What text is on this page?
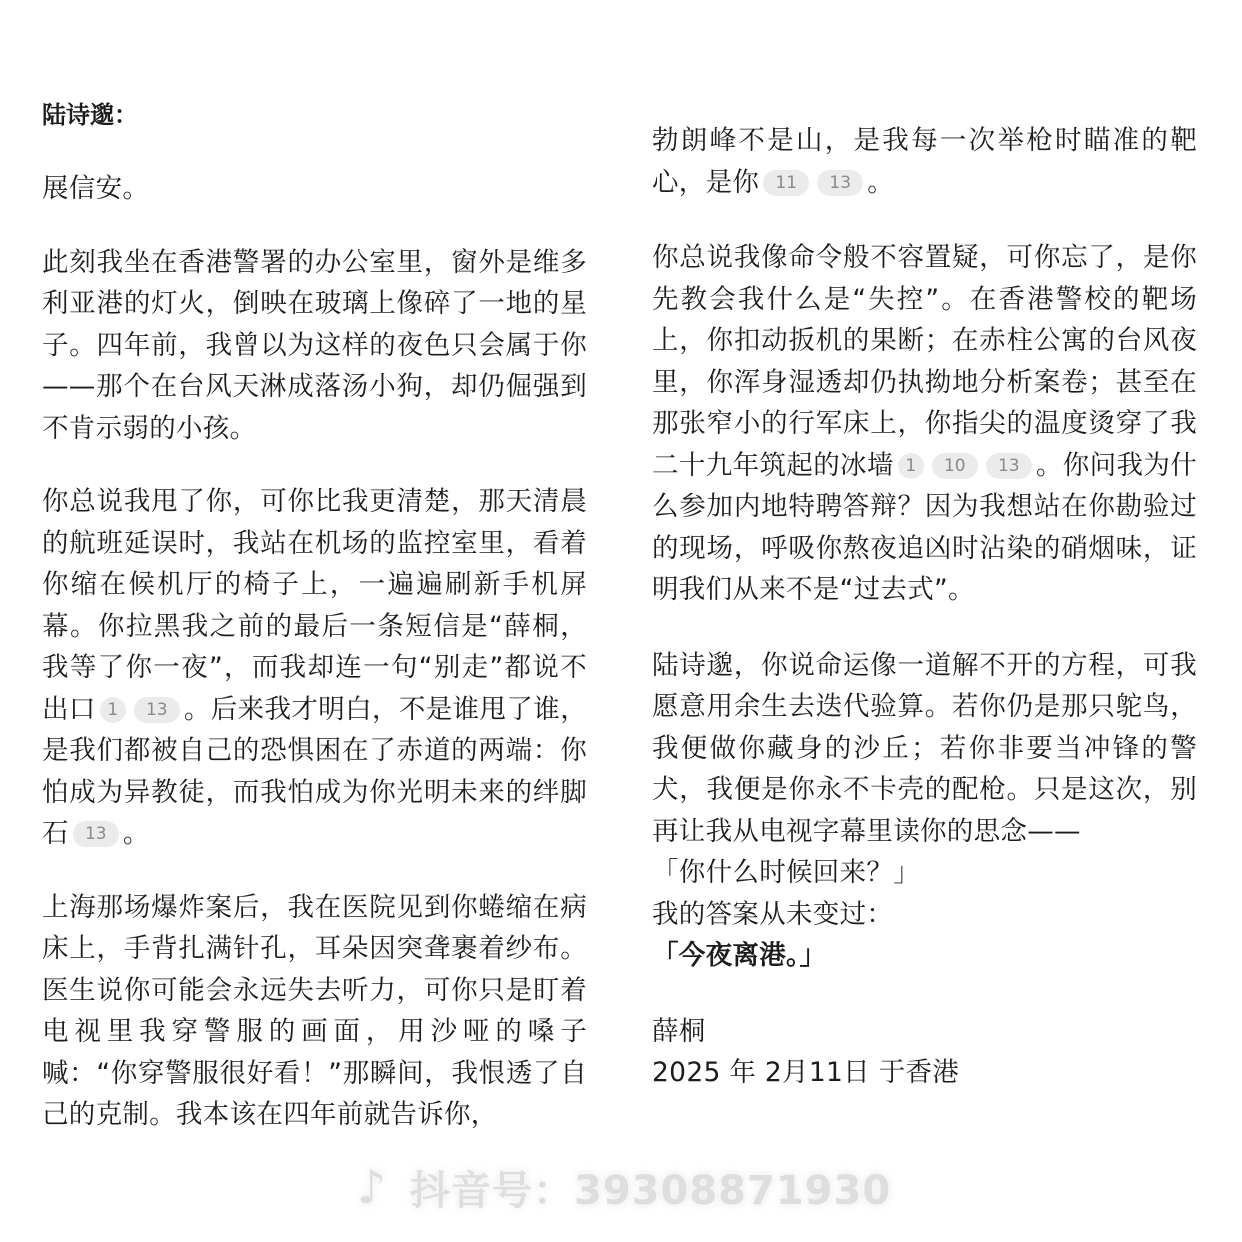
陆诗邈：

展信安。

此刻我坐在香港警署的办公室里，窗外是维多利亚港的灯火，倒映在玻璃上像碎了一地的星子。四年前，我曾以为这样的夜色只会属于你——那个在台风天淋成落汤小狗，却仍倔强到不肯示弱的小孩。

你总说我甩了你，可你比我更清楚，那天清晨的航班延误时，我站在机场的监控室里，看着你缩在候机厅的椅子上，一遍遍刷新手机屏幕。你拉黑我之前的最后一条短信是“薛桐，我等了你一夜”，而我却连一句“别走”都说不出口 1 13 。后来我才明白，不是谁甩了谁，是我们都被自己的恐惧困在了赤道的两端：你怕成为异教徒，而我怕成为你光明未来的绊脚石 13 。

上海那场爆炸案后，我在医院见到你蜷缩在病床上，手背扎满针孔，耳朵因突聋裹着纱布。医生说你可能会永远失去听力，可你只是盯着电视里我穿警服的画面，用沙哑的嗓子喊：“你穿警服很好看！”那瞬间，我恨透了自己的克制。我本该在四年前就告诉你，

勃朗峰不是山，是我每一次举枪时瞄准的靶心，是你 11 13 。

你总说我像命令般不容置疑，可你忘了，是你先教会我什么是“失控”。在香港警校的靶场上，你扣动扳机的果断；在赤柱公寓的台风夜里，你浑身湿透却仍执拗地分析案卷；甚至在那张窄小的行军床上，你指尖的温度烫穿了我二十九年筑起的冰墙 1 10 13 。你问我为什么参加内地特聘答辩？因为我想站在你勘验过的现场，呼吸你熬夜追凶时沾染的硝烟味，证明我们从来不是“过去式”。

陆诗邈，你说命运像一道解不开的方程，可我愿意用余生去迭代验算。若你仍是那只鸵鸟，我便做你藏身的沙丘；若你非要当冲锋的警犬，我便是你永不卡壳的配枪。只是这次，别再让我从电视字幕里读你的思念——

「你什么时候回来？」

我的答案从未变过：

「今夜离港。」

薛桐

2025 年 2月11日 于香港

♪ 抖音号：39308871930
